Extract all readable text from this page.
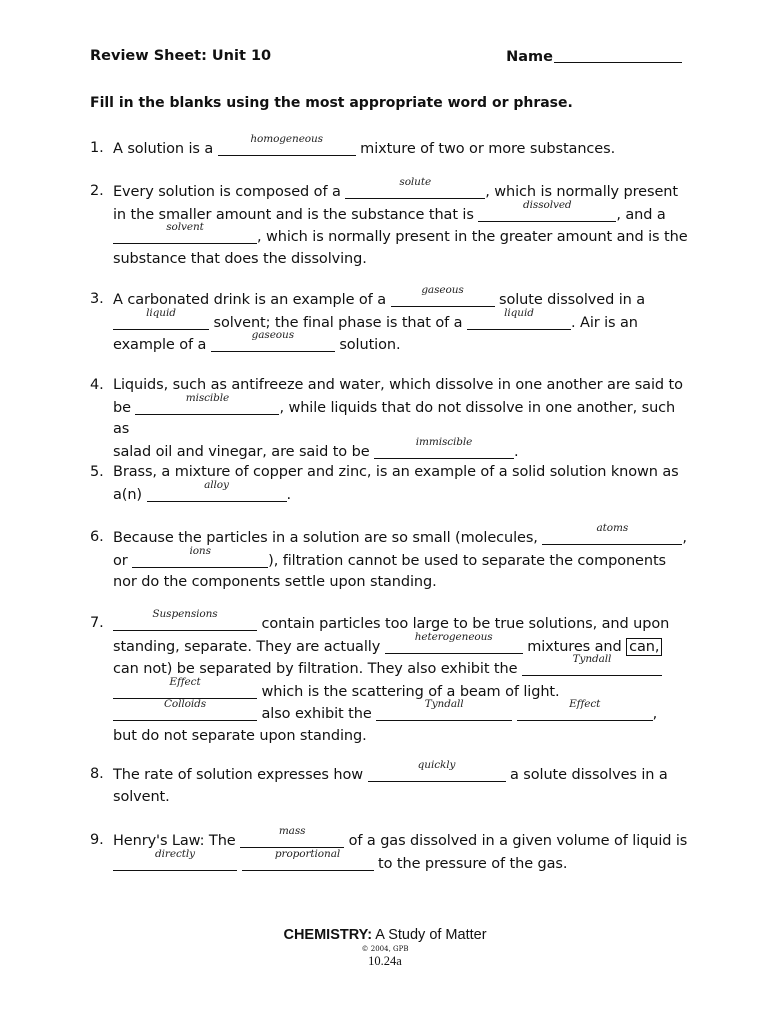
Review Sheet: Unit 10	Name
Fill in the blanks using the most appropriate word or phrase.
1. A solution is a
homogeneous
mixture of two or more substances.
2. Every solution is composed of a
solute
, which is normally present
in the smaller amount and is the substance that is
dissolved
, and a

solvent
, which is normally present in the greater amount and is the
substance that does the dissolving.
3. A carbonated drink is an example of a
gaseous
solute dissolved in a

liquid
solvent; the final phase is that of a
liquid
. Air is an
example of a
gaseous
solution.
4. Liquids, such as antifreeze and water, which dissolve in one another are said to
be
miscible
, while liquids that do not dissolve in one another, such as
salad oil and vinegar, are said to be
immiscible
.
5. Brass, a mixture of copper and zinc, is an example of a solid solution known as
a(n)
alloy
.
6. Because the particles in a solution are so small (molecules,
atoms
,
or
ions
), filtration cannot be used to separate the components
nor do the components settle upon standing.
7.
Suspensions
contain particles too large to be true solutions, and upon
standing, separate. They are actually
heterogeneous
mixtures and can,
can not) be separated by filtration. They also exhibit the
Tyndall

Effect
which is the scattering of a beam of light.

Colloids
also exhibit the
Tyndall
	Effect
,
but do not separate upon standing.
8. The rate of solution expresses how
quickly
a solute dissolves in a
solvent.
9. Henry's Law: The
mass
of a gas dissolved in a given volume of liquid is

directly
	proportional
to the pressure of the gas.
CHEMISTRY: A Study of Matter
© 2004, GPB
10.24a
